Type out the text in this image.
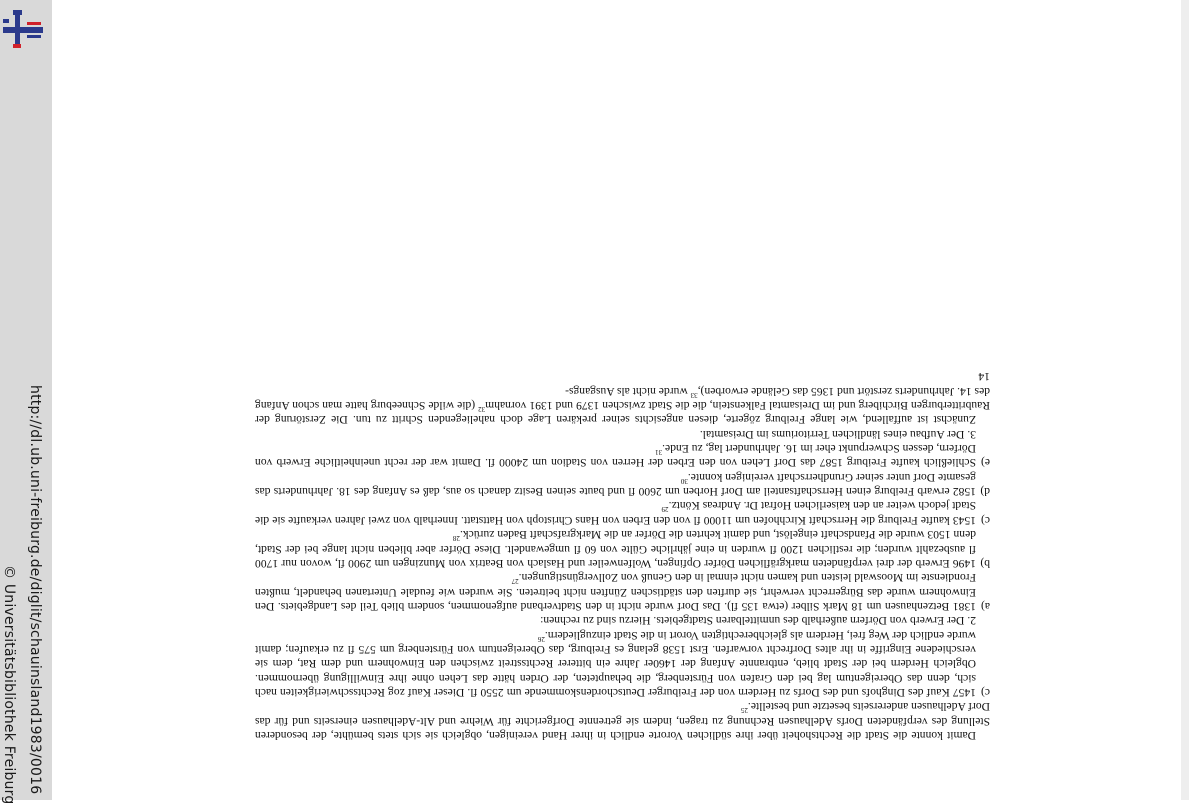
http://dl.ub.uni-freiburg.de/diglit/schauinsland1983/0016
© Universitätsbibliothek Freiburg	Damit konnte die Stadt die Rechtshoheit über ihre südlichen Vororte endlich in ihrer Hand vereinigen, obgleich sie sich stets bemühte, der besonderen Stellung des verpfändeten Dorfs Adelhausen Rechnung zu tragen, indem sie getrennte Dorfgerichte für Wiehre und Alt-Adelhausen einerseits und für das Dorf Adelhausen andererseits besetzte und bestellte.$^{25}$

c)
1457 Kauf des Dinghofs und des Dorfs zu Herdern von der Freiburger Deutschordenskommende um 2550 fl. Dieser Kauf zog Rechtsschwierigkeiten nach sich, denn das Obereigentum lag bei den Grafen von Fürstenberg, die behaupteten, der Orden hätte das Lehen ohne ihre Einwilligung übernommen. Obgleich Herdern bei der Stadt blieb, entbrannte Anfang der 1460er Jahre ein bitterer Rechtsstreit zwischen den Einwohnern und dem Rat, dem sie verschiedene Eingriffe in ihr altes Dorfrecht vorwarfen. Erst 1538 gelang es Freiburg, das Obereigentum von Fürstenberg um 575 fl zu erkaufen; damit wurde endlich der Weg frei, Herdern als gleichberechtigten Vorort in die Stadt einzugliedern.$^{26}$

2. Der Erwerb von Dörfern außerhalb des unmittelbaren Stadtgebiets. Hierzu sind zu rechnen:

a)
1381 Betzenhausen um 18 Mark Silber (etwa 135 fl). Das Dorf wurde nicht in den Stadtverband aufgenommen, sondern blieb Teil des Landgebiets. Den Einwohnern wurde das Bürgerrecht verwehrt, sie durften den städtischen Zünften nicht beitreten. Sie wurden wie feudale Untertanen behandelt, mußten Frondienste im Mooswald leisten und kamen nicht einmal in den Genuß von Zollvergünstigungen.$^{27}$
b)
1496 Erwerb der drei verpfändeten markgräflichen Dörfer Opfingen, Wolfenweiler und Haslach von Beatrix von Munzingen um 2900 fl, wovon nur 1700 fl ausbezahlt wurden; die restlichen 1200 fl wurden in eine jährliche Gülte von 60 fl umgewandelt. Diese Dörfer aber blieben nicht lange bei der Stadt, denn 1503 wurde die Pfandschaft eingelöst, und damit kehrten die Dörfer an die Markgrafschaft Baden zurück.$^{28}$
c)
1543 kaufte Freiburg die Herrschaft Kirchhofen um 11000 fl von den Erben von Hans Christoph von Hattstatt. Innerhalb von zwei Jahren verkaufte sie die Stadt jedoch weiter an den kaiserlichen Hofrat Dr. Andreas Köntz.$^{29}$
d)
1582 erwarb Freiburg einen Herrschaftsanteil am Dorf Horben um 2600 fl und baute seinen Besitz danach so aus, daß es Anfang des 18. Jahrhunderts das gesamte Dorf unter seiner Grundherrschaft vereinigen konnte.$^{30}$
e)
Schließlich kaufte Freiburg 1587 das Dorf Lehen von den Erben der Herren von Stadion um 24000 fl. Damit war der recht uneinheitliche Erwerb von Dörfern, dessen Schwerpunkt eher im 16. Jahrhundert lag, zu Ende.$^{31}$

3. Der Aufbau eines ländlichen Territoriums im Dreisamtal.

Zunächst ist auffallend, wie lange Freiburg zögerte, diesen angesichts seiner prekären Lage doch naheliegenden Schritt zu tun. Die Zerstörung der Raubritterburgen Birchiberg und im Dreisamtal Falkenstein, die die Stadt zwischen 1379 und 1391 vornahm$^{32}$ (die wilde Schneeburg hatte man schon Anfang des 14. Jahrhunderts zerstört und 1365 das Gelände erworben),$^{33}$ wurde nicht als Ausgangs-

14
